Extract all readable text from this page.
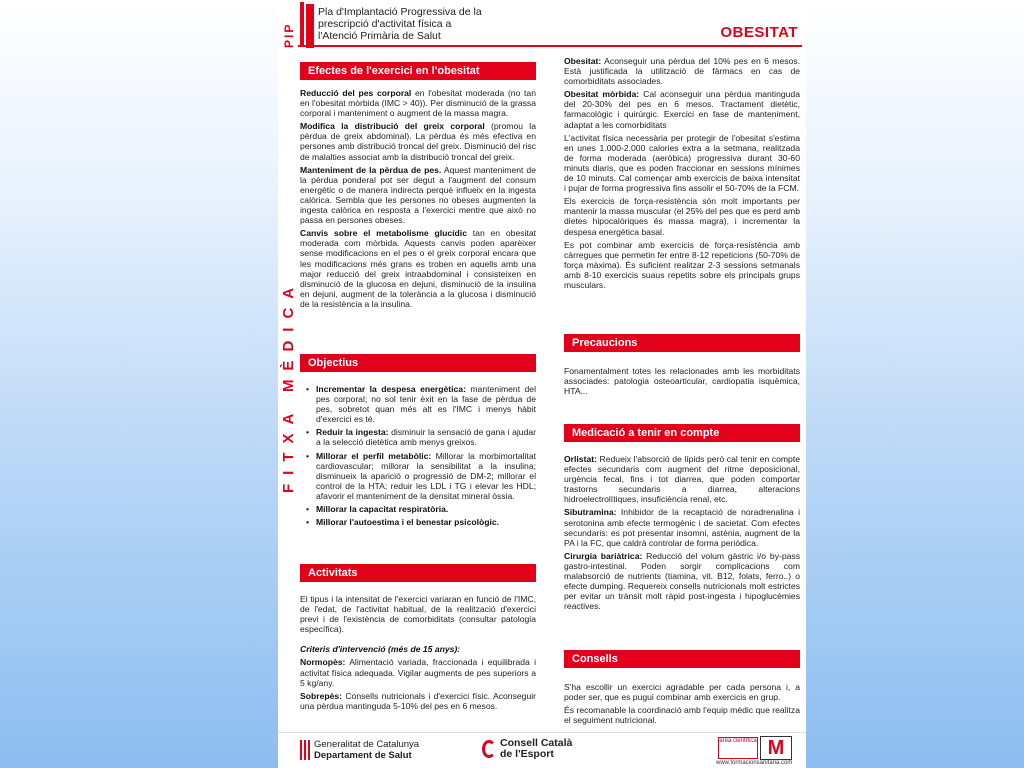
PIP
Pla d'Implantació Progressiva de la
prescripció d'activitat física a
l'Atenció Primària de Salut	OBESITAT
FITXA MÈDICA
Efectes de l'exercici en l'obesitat

Reducció del pes corporal en l'obesitat moderada (no tan en l'obesitat mòrbida (IMC > 40)). Per disminució de la grassa corporal i manteniment o augment de la massa magra.

Modifica la distribució del greix corporal (promou la pèrdua de greix abdominal). La pèrdua és més efectiva en persones amb distribució troncal del greix. Disminució del risc de malalties associat amb la distribució troncal del greix.

Manteniment de la pèrdua de pes. Aquest manteniment de la pèrdua ponderal pot ser degut a l'augment del consum energètic o de manera indirecta perquè influeix en la ingesta calòrica. Sembla que les persones no obeses augmenten la ingesta calòrica en resposta a l'exercici mentre que això no passa en persones obeses.

Canvis sobre el metabolisme glucídic tan en obesitat moderada com mòrbida. Aquests canvis poden aparèixer sense modificacions en el pes o el greix corporal encara que les modificacions més grans es troben en aquells amb una major reducció del greix intraabdominal i consisteixen en disminució de la glucosa en dejuni, disminució de la insulina en dejuni, augment de la tolerància a la glucosa i disminució de la resistència a la insulina.

Objectius
• Incrementar la despesa energètica: manteniment del pes corporal; no sol tenir èxit en la fase de pèrdua de pes, sobretot quan més alt es l'IMC i menys hàbit d'exercici es té.
• Reduir la ingesta: disminuir la sensació de gana i ajudar a la selecció dietètica amb menys greixos.
• Millorar el perfil metabòlic: Millorar la morbimortalitat cardiovascular; millorar la sensibilitat a la insulina; disminueix la aparició o progressió de DM-2; millorar el control de la HTA; reduir les LDL i TG i elevar les HDL; afavorir el manteniment de la densitat mineral òssia.
• Millorar la capacitat respiratòria.
• Millorar l'autoestima i el benestar psicològic.
Activitats

El tipus i la intensitat de l'exercici variaran en funció de l'IMC, de l'edat, de l'activitat habitual, de la realització d'exercici previ i de l'existència de comorbiditats (consultar patologia específica).

Criteris d'intervenció (més de 15 anys):

Normopès: Alimentació variada, fraccionada i equilibrada i activitat física adequada. Vigilar augments de pes superiors a 5 kg/any.

Sobrepès: Consells nutricionals i d'exercici físic. Aconseguir una pèrdua mantinguda 5-10% del pes en 6 mesos.

Obesitat: Aconseguir una pèrdua del 10% pes en 6 mesos. Està justificada la utilització de fàrmacs en cas de comorbiditats associades.

Obesitat mòrbida: Cal aconseguir una pèrdua mantinguda del 20-30% del pes en 6 mesos. Tractament dietètic, farmacològic i quirúrgic. Exercici en fase de manteniment, adaptat a les comorbiditats

L'activitat física necessària per protegir de l'obesitat s'estima en unes 1.000-2.000 calories extra a la setmana, realitzada de forma moderada (aeròbica) progressiva durant 30-60 minuts diaris, que es poden fraccionar en sessions mínimes de 10 minuts. Cal començar amb exercicis de baixa intensitat i pujar de forma progressiva fins assolir el 50-70% de la FCM.

Els exercicis de força-resistència són molt importants per mantenir la massa muscular (el 25% del pes que es perd amb dietes hipocalòriques és massa magra), i incrementar la despesa energètica basal.

Es pot combinar amb exercicis de força-resistència amb càrregues que permetin fer entre 8-12 repeticions (50-70% de força màxima). És suficient realitzar 2-3 sessions setmanals amb 8-10 exercicis suaus repetits sobre els principals grups musculars.

Precaucions

Fonamentalment totes les relacionades amb les morbiditats associades: patologia osteoarticular, cardiopatia isquèmica, HTA...

Medicació a tenir en compte

Orlistat: Redueix l'absorció de lípids però cal tenir en compte efectes secundaris com augment del ritme deposicional, urgència fecal, fins i tot diarrea, que poden comportar trastorns secundaris a diarrea, alteracions hidroelectrolítiques, insuficiència renal, etc.

Sibutramina: Inhibidor de la recaptació de noradrenalina i serotonina amb efecte termogènic i de sacietat. Com efectes secundaris: es pot presentar insomni, astènia, augment de la PA i la FC, que caldrà controlar de forma periòdica.

Cirurgia bariàtrica: Reducció del volum gàstric i/o by-pass gastro-intestinal. Poden sorgir complicacions com malabsorció de nutrients (tiamina, vit. B12, folats, ferro..) o efecte dumping. Requereix consells nutricionals molt estrictes per evitar un trànsit molt ràpid post-ingesta i hipoglucèmies reactives.

Consells

S'ha escollir un exercici agradable per cada persona i, a poder ser, que es pugui combinar amb exercicis en grup.

És recomanable la coordinació amb l'equip mèdic que realitza el seguiment nutricional.

Generalitat de Catalunya
Departament de Salut
Consell Català
de l'Esport
àrea científica M
www.formacionsanitaria.com
